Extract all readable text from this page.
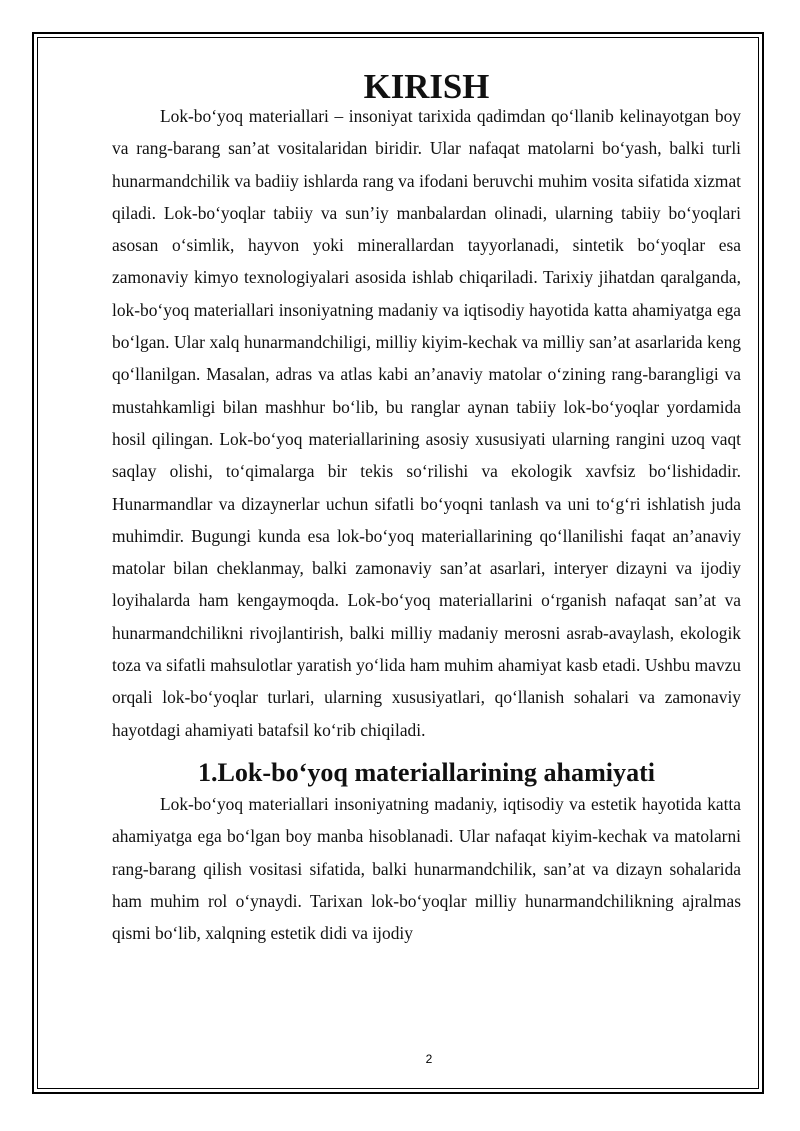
KIRISH

Lok-bo‘yoq materiallari – insoniyat tarixida qadimdan qo‘llanib kelinayotgan boy va rang-barang san’at vositalaridan biridir. Ular nafaqat matolarni bo‘yash, balki turli hunarmandchilik va badiiy ishlarda rang va ifodani beruvchi muhim vosita sifatida xizmat qiladi. Lok-bo‘yoqlar tabiiy va sun’iy manbalardan olinadi, ularning tabiiy bo‘yoqlari asosan o‘simlik, hayvon yoki minerallardan tayyorlanadi, sintetik bo‘yoqlar esa zamonaviy kimyo texnologiyalari asosida ishlab chiqariladi. Tarixiy jihatdan qaralganda, lok-bo‘yoq materiallari insoniyatning madaniy va iqtisodiy hayotida katta ahamiyatga ega bo‘lgan. Ular xalq hunarmandchiligi, milliy kiyim-kechak va milliy san’at asarlarida keng qo‘llanilgan. Masalan, adras va atlas kabi an’anaviy matolar o‘zining rang-barangligi va mustahkamligi bilan mashhur bo‘lib, bu ranglar aynan tabiiy lok-bo‘yoqlar yordamida hosil qilingan. Lok-bo‘yoq materiallarining asosiy xususiyati ularning rangini uzoq vaqt saqlay olishi, to‘qimalarga bir tekis so‘rilishi va ekologik xavfsiz bo‘lishidadir. Hunarmandlar va dizaynerlar uchun sifatli bo‘yoqni tanlash va uni to‘g‘ri ishlatish juda muhimdir. Bugungi kunda esa lok-bo‘yoq materiallarining qo‘llanilishi faqat an’anaviy matolar bilan cheklanmay, balki zamonaviy san’at asarlari, interyer dizayni va ijodiy loyihalarda ham kengaymoqda. Lok-bo‘yoq materiallarini o‘rganish nafaqat san’at va hunarmandchilikni rivojlantirish, balki milliy madaniy merosni asrab-avaylash, ekologik toza va sifatli mahsulotlar yaratish yo‘lida ham muhim ahamiyat kasb etadi. Ushbu mavzu orqali lok-bo‘yoqlar turlari, ularning xususiyatlari, qo‘llanish sohalari va zamonaviy hayotdagi ahamiyati batafsil ko‘rib chiqiladi.

1.Lok-bo‘yoq materiallarining ahamiyati

Lok-bo‘yoq materiallari insoniyatning madaniy, iqtisodiy va estetik hayotida katta ahamiyatga ega bo‘lgan boy manba hisoblanadi. Ular nafaqat kiyim-kechak va matolarni rang-barang qilish vositasi sifatida, balki hunarmandchilik, san’at va dizayn sohalarida ham muhim rol o‘ynaydi. Tarixan lok-bo‘yoqlar milliy hunarmandchilikning ajralmas qismi bo‘lib, xalqning estetik didi va ijodiy

2
